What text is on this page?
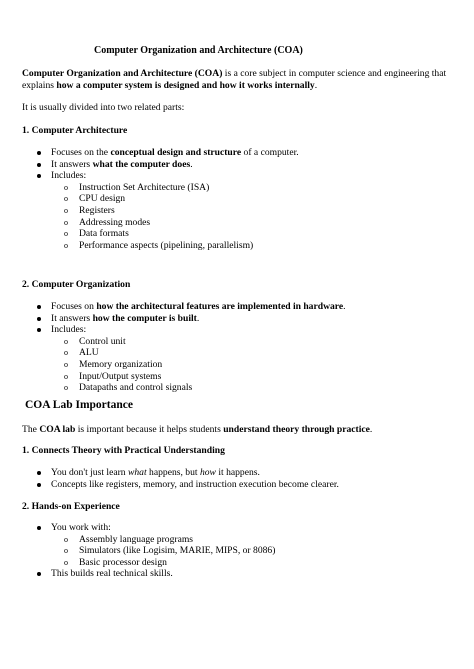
Computer Organization and Architecture (COA)
Computer Organization and Architecture (COA) is a core subject in computer science and engineering that explains how a computer system is designed and how it works internally.
It is usually divided into two related parts:
1. Computer Architecture
Focuses on the conceptual design and structure of a computer.
It answers what the computer does.
Includes:
o Instruction Set Architecture (ISA)
o CPU design
o Registers
o Addressing modes
o Data formats
o Performance aspects (pipelining, parallelism)
2. Computer Organization
Focuses on how the architectural features are implemented in hardware.
It answers how the computer is built.
Includes:
o Control unit
o ALU
o Memory organization
o Input/Output systems
o Datapaths and control signals
COA Lab Importance
The COA lab is important because it helps students understand theory through practice.
1. Connects Theory with Practical Understanding
You don't just learn what happens, but how it happens.
Concepts like registers, memory, and instruction execution become clearer.
2. Hands-on Experience
You work with:
o Assembly language programs
o Simulators (like Logisim, MARIE, MIPS, or 8086)
o Basic processor design
This builds real technical skills.
